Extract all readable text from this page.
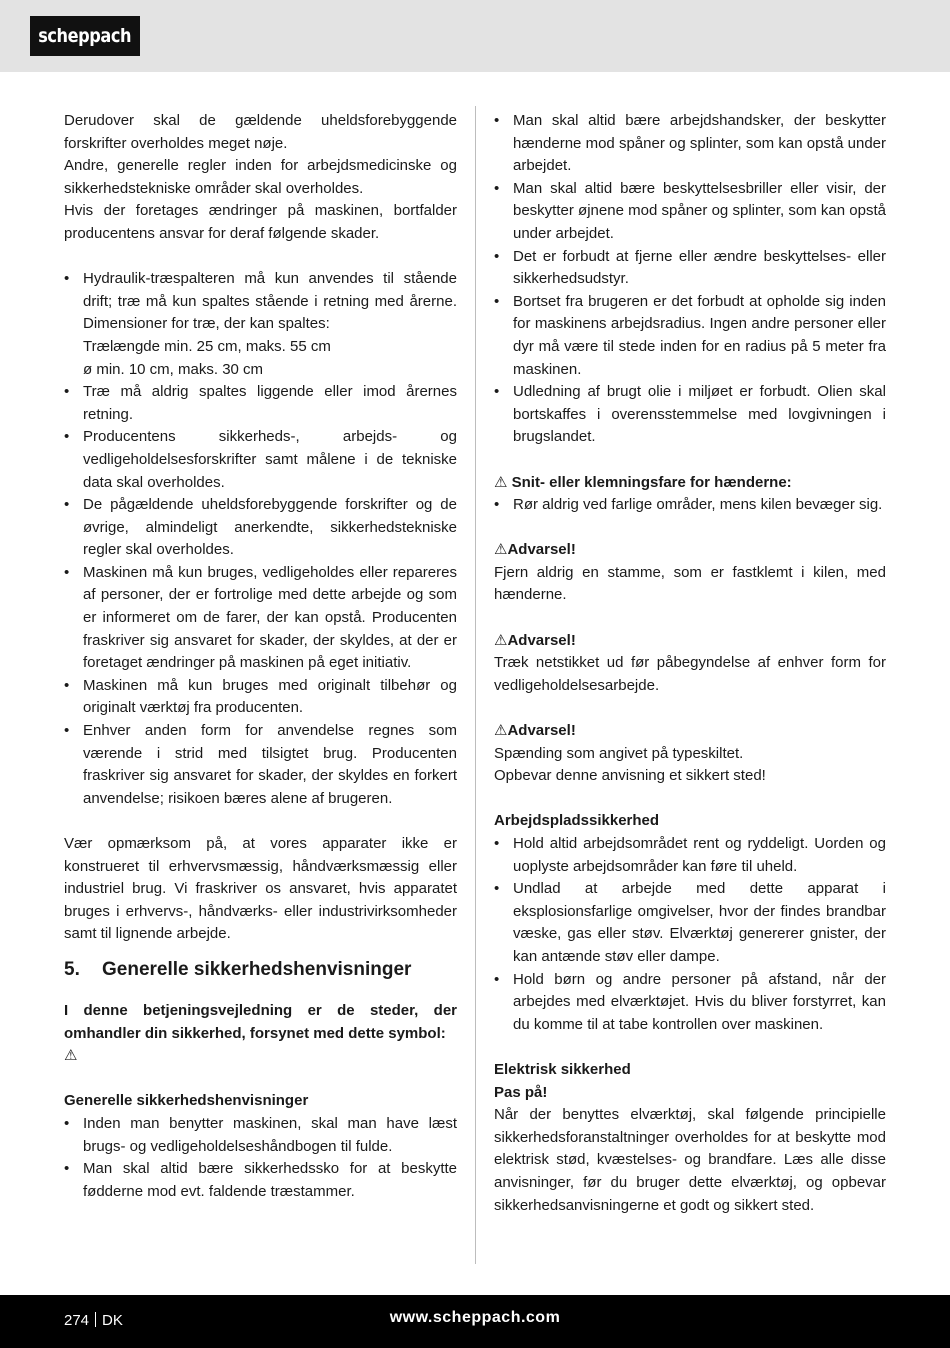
scheppach

Derudover skal de gældende uheldsforebyggende forskrifter overholdes meget nøje.

Andre, generelle regler inden for arbejdsmedicinske og sikkerhedstekniske områder skal overholdes.

Hvis der foretages ændringer på maskinen, bortfalder producentens ansvar for deraf følgende skader.

• Hydraulik-træspalteren må kun anvendes til stående drift; træ må kun spaltes stående i retning med årerne. Dimensioner for træ, der kan spaltes:
Trælængde min. 25 cm, maks. 55 cm
ø min. 10 cm, maks. 30 cm
• Træ må aldrig spaltes liggende eller imod årernes retning.
• Producentens sikkerheds-, arbejds- og vedligeholdelsesforskrifter samt målene i de tekniske data skal overholdes.
• De pågældende uheldsforebyggende forskrifter og de øvrige, almindeligt anerkendte, sikkerhedstekniske regler skal overholdes.
• Maskinen må kun bruges, vedligeholdes eller repareres af personer, der er fortrolige med dette arbejde og som er informeret om de farer, der kan opstå. Producenten fraskriver sig ansvaret for skader, der skyldes, at der er foretaget ændringer på maskinen på eget initiativ.
• Maskinen må kun bruges med originalt tilbehør og originalt værktøj fra producenten.
• Enhver anden form for anvendelse regnes som værende i strid med tilsigtet brug. Producenten fraskriver sig ansvaret for skader, der skyldes en forkert anvendelse; risikoen bæres alene af brugeren.

Vær opmærksom på, at vores apparater ikke er konstrueret til erhvervsmæssig, håndværksmæssig eller industriel brug. Vi fraskriver os ansvaret, hvis apparatet bruges i erhvervs-, håndværks- eller industrivirksomheder samt til lignende arbejde.

5.	Generelle sikkerhedshenvisninger

I denne betjeningsvejledning er de steder, der omhandler din sikkerhed, forsynet med dette symbol:

⚠

Generelle sikkerhedshenvisninger

• Inden man benytter maskinen, skal man have læst brugs- og vedligeholdelseshåndbogen til fulde.
• Man skal altid bære sikkerhedssko for at beskytte fødderne mod evt. faldende træstammer.
• Man skal altid bære arbejdshandsker, der beskytter hænderne mod spåner og splinter, som kan opstå under arbejdet.
• Man skal altid bære beskyttelsesbriller eller visir, der beskytter øjnene mod spåner og splinter, som kan opstå under arbejdet.
• Det er forbudt at fjerne eller ændre beskyttelses- eller sikkerhedsudstyr.
• Bortset fra brugeren er det forbudt at opholde sig inden for maskinens arbejdsradius. Ingen andre personer eller dyr må være til stede inden for en radius på 5 meter fra maskinen.
• Udledning af brugt olie i miljøet er forbudt. Olien skal bortskaffes i overensstemmelse med lovgivningen i brugslandet.

⚠ Snit- eller klemningsfare for hænderne:

• Rør aldrig ved farlige områder, mens kilen bevæger sig.

⚠Advarsel!

Fjern aldrig en stamme, som er fastklemt i kilen, med hænderne.

⚠Advarsel!

Træk netstikket ud før påbegyndelse af enhver form for vedligeholdelsesarbejde.

⚠Advarsel!

Spænding som angivet på typeskiltet.

Opbevar denne anvisning et sikkert sted!

Arbejdspladssikkerhed

• Hold altid arbejdsområdet rent og ryddeligt. Uorden og uoplyste arbejdsområder kan føre til uheld.
• Undlad at arbejde med dette apparat i eksplosionsfarlige omgivelser, hvor der findes brandbar væske, gas eller støv. Elværktøj genererer gnister, der kan antænde støv eller dampe.
• Hold børn og andre personer på afstand, når der arbejdes med elværktøjet. Hvis du bliver forstyrret, kan du komme til at tabe kontrollen over maskinen.

Elektrisk sikkerhed

Pas på!

Når der benyttes elværktøj, skal følgende principielle sikkerhedsforanstaltninger overholdes for at beskytte mod elektrisk stød, kvæstelses- og brandfare. Læs alle disse anvisninger, før du bruger dette elværktøj, og opbevar sikkerhedsanvisningerne et godt og sikkert sted.

274 DK	www.scheppach.com
